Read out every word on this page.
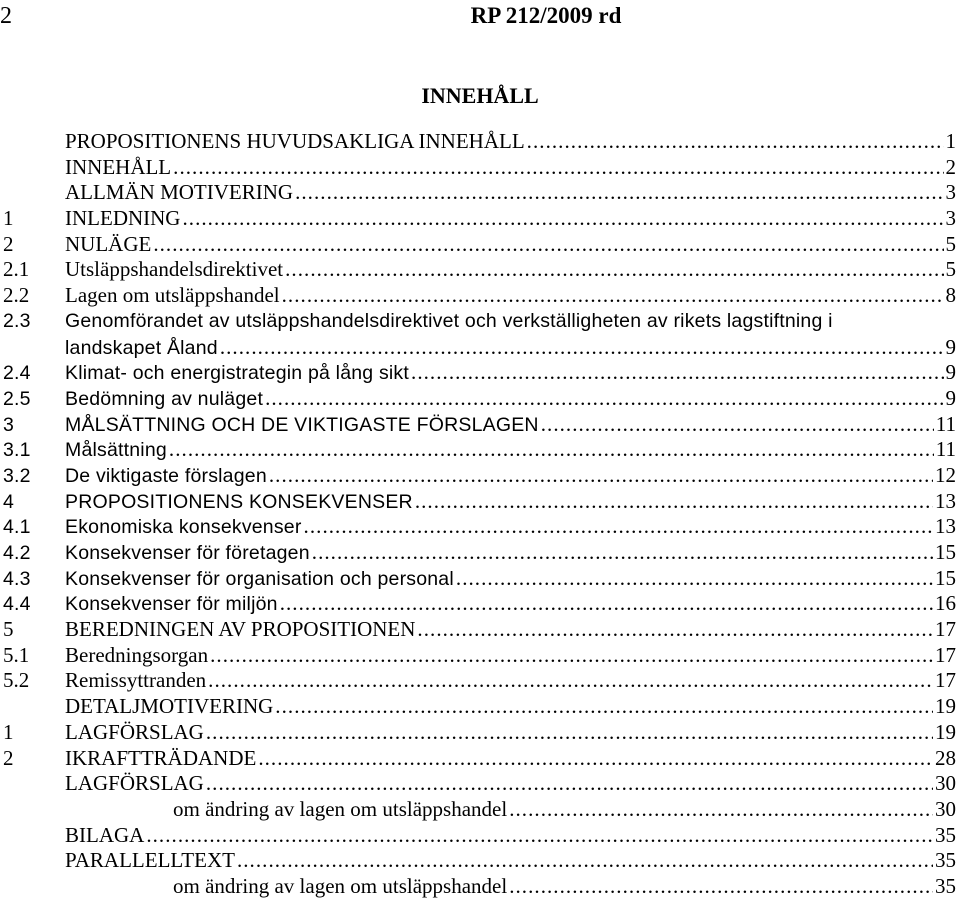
2	RP 212/2009 rd
INNEHÅLL
PROPOSITIONENS HUVUDSAKLIGA INNEHÅLL . . .	1
INNEHÅLL . . .	2
ALLMÄN MOTIVERING . . .	3
1	INLEDNING . . .	3
2	NULÄGE . . .	5
2.1	Utsläppshandelsdirektivet . . .	5
2.2	Lagen om utsläppshandel . . .	8
2.3	Genomförandet av utsläppshandelsdirektivet och verkställigheten av rikets lagstiftning i
landskapet Åland . . .	9
2.4	Klimat- och energistrategin på lång sikt . . .	9
2.5	Bedömning av nuläget . . .	9
3	MÅLSÄTTNING OCH DE VIKTIGASTE FÖRSLAGEN . . .	11
3.1	Målsättning . . .	11
3.2	De viktigaste förslagen . . .	12
4	PROPOSITIONENS KONSEKVENSER . . .	13
4.1	Ekonomiska konsekvenser . . .	13
4.2	Konsekvenser för företagen . . .	15
4.3	Konsekvenser för organisation och personal . . .	15
4.4	Konsekvenser för miljön . . .	16
5	BEREDNINGEN AV PROPOSITIONEN . . .	17
5.1	Beredningsorgan . . .	17
5.2	Remissyttranden . . .	17
DETALJMOTIVERING . . .	19
1	LAGFÖRSLAG . . .	19
2	IKRAFTTRÄDANDE . . .	28
LAGFÖRSLAG . . .	30
om ändring av lagen om utsläppshandel . . .	30
BILAGA . . .	35
PARALLELLTEXT . . .	35
om ändring av lagen om utsläppshandel . . .	35
